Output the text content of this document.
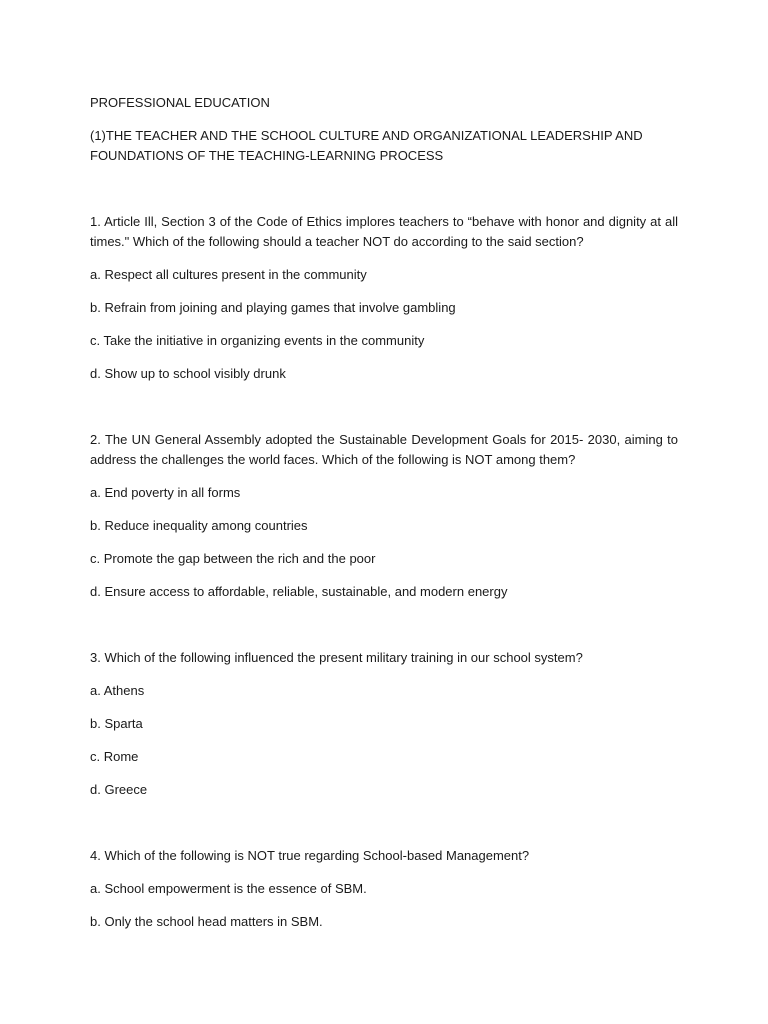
PROFESSIONAL EDUCATION
(1)THE TEACHER AND THE SCHOOL CULTURE AND ORGANIZATIONAL LEADERSHIP AND FOUNDATIONS OF THE TEACHING-LEARNING PROCESS
1. Article Ill, Section 3 of the Code of Ethics implores teachers to “behave with honor and dignity at all times." Which of the following should a teacher NOT do according to the said section?
a. Respect all cultures present in the community
b. Refrain from joining and playing games that involve gambling
c. Take the initiative in organizing events in the community
d. Show up to school visibly drunk
2. The UN General Assembly adopted the Sustainable Development Goals for 2015- 2030, aiming to address the challenges the world faces. Which of the following is NOT among them?
a. End poverty in all forms
b. Reduce inequality among countries
c. Promote the gap between the rich and the poor
d. Ensure access to affordable, reliable, sustainable, and modern energy
3. Which of the following influenced the present military training in our school system?
a. Athens
b. Sparta
c. Rome
d. Greece
4. Which of the following is NOT true regarding School-based Management?
a. School empowerment is the essence of SBM.
b. Only the school head matters in SBM.
